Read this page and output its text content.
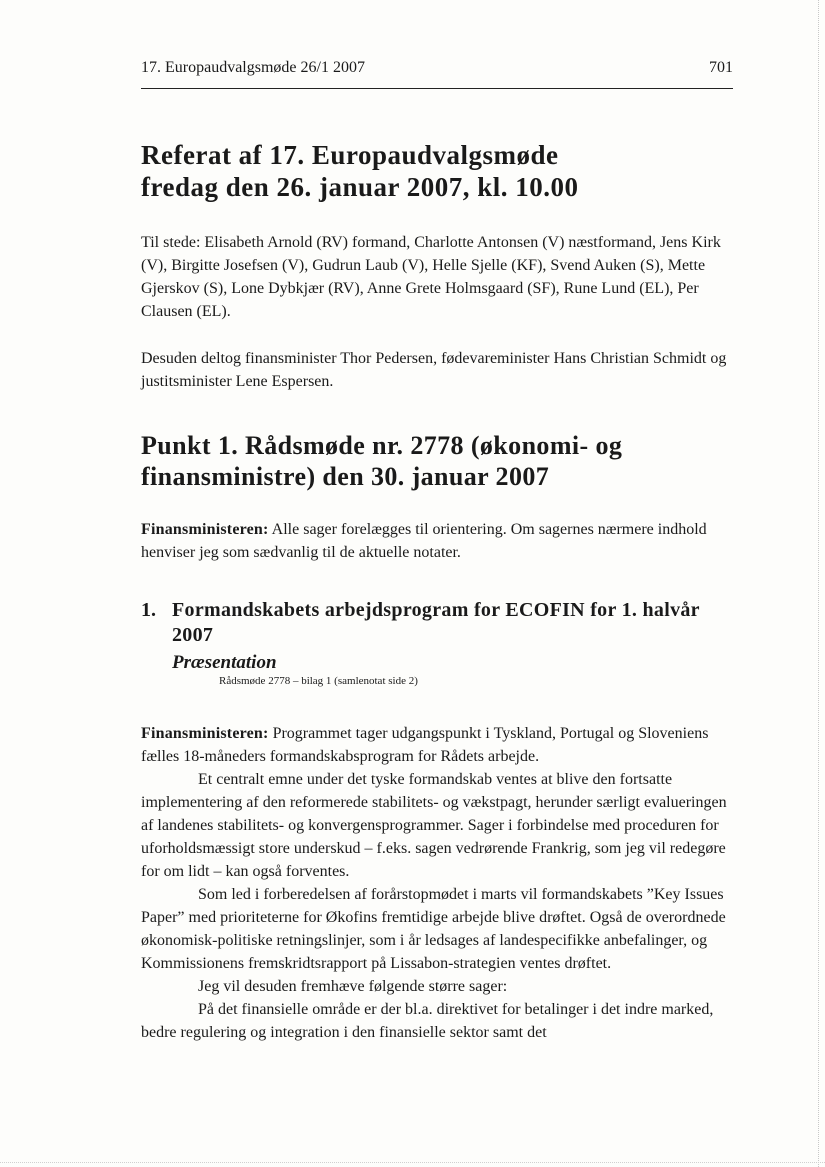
17. Europaudvalgsmøde 26/1 2007	701
Referat af 17. Europaudvalgsmøde
fredag den 26. januar 2007, kl. 10.00

Til stede: Elisabeth Arnold (RV) formand, Charlotte Antonsen (V) næstformand, Jens Kirk (V), Birgitte Josefsen (V), Gudrun Laub (V), Helle Sjelle (KF), Svend Auken (S), Mette Gjerskov (S), Lone Dybkjær (RV), Anne Grete Holmsgaard (SF), Rune Lund (EL), Per Clausen (EL).

Desuden deltog finansminister Thor Pedersen, fødevareminister Hans Christian Schmidt og justitsminister Lene Espersen.

Punkt 1. Rådsmøde nr. 2778 (økonomi- og
finansministre) den 30. januar 2007

Finansministeren: Alle sager forelægges til orientering. Om sagernes nærmere indhold henviser jeg som sædvanlig til de aktuelle notater.

1. Formandskabets arbejdsprogram for ECOFIN for 1. halvår 2007
Præsentation
Rådsmøde 2778 – bilag 1 (samlenotat side 2)

Finansministeren: Programmet tager udgangspunkt i Tyskland, Portugal og Sloveniens fælles 18-måneders formandskabsprogram for Rådets arbejde.

Et centralt emne under det tyske formandskab ventes at blive den fortsatte implementering af den reformerede stabilitets- og vækstpagt, herunder særligt evalueringen af landenes stabilitets- og konvergensprogrammer. Sager i forbindelse med proceduren for uforholdsmæssigt store underskud – f.eks. sagen vedrørende Frankrig, som jeg vil redegøre for om lidt – kan også forventes.

Som led i forberedelsen af forårstopmødet i marts vil formandskabets ”Key Issues Paper” med prioriteterne for Økofins fremtidige arbejde blive drøftet. Også de overordnede økonomisk-politiske retningslinjer, som i år ledsages af landespecifikke anbefalinger, og Kommissionens fremskridtsrapport på Lissabon-strategien ventes drøftet.

Jeg vil desuden fremhæve følgende større sager:

På det finansielle område er der bl.a. direktivet for betalinger i det indre marked, bedre regulering og integration i den finansielle sektor samt det
